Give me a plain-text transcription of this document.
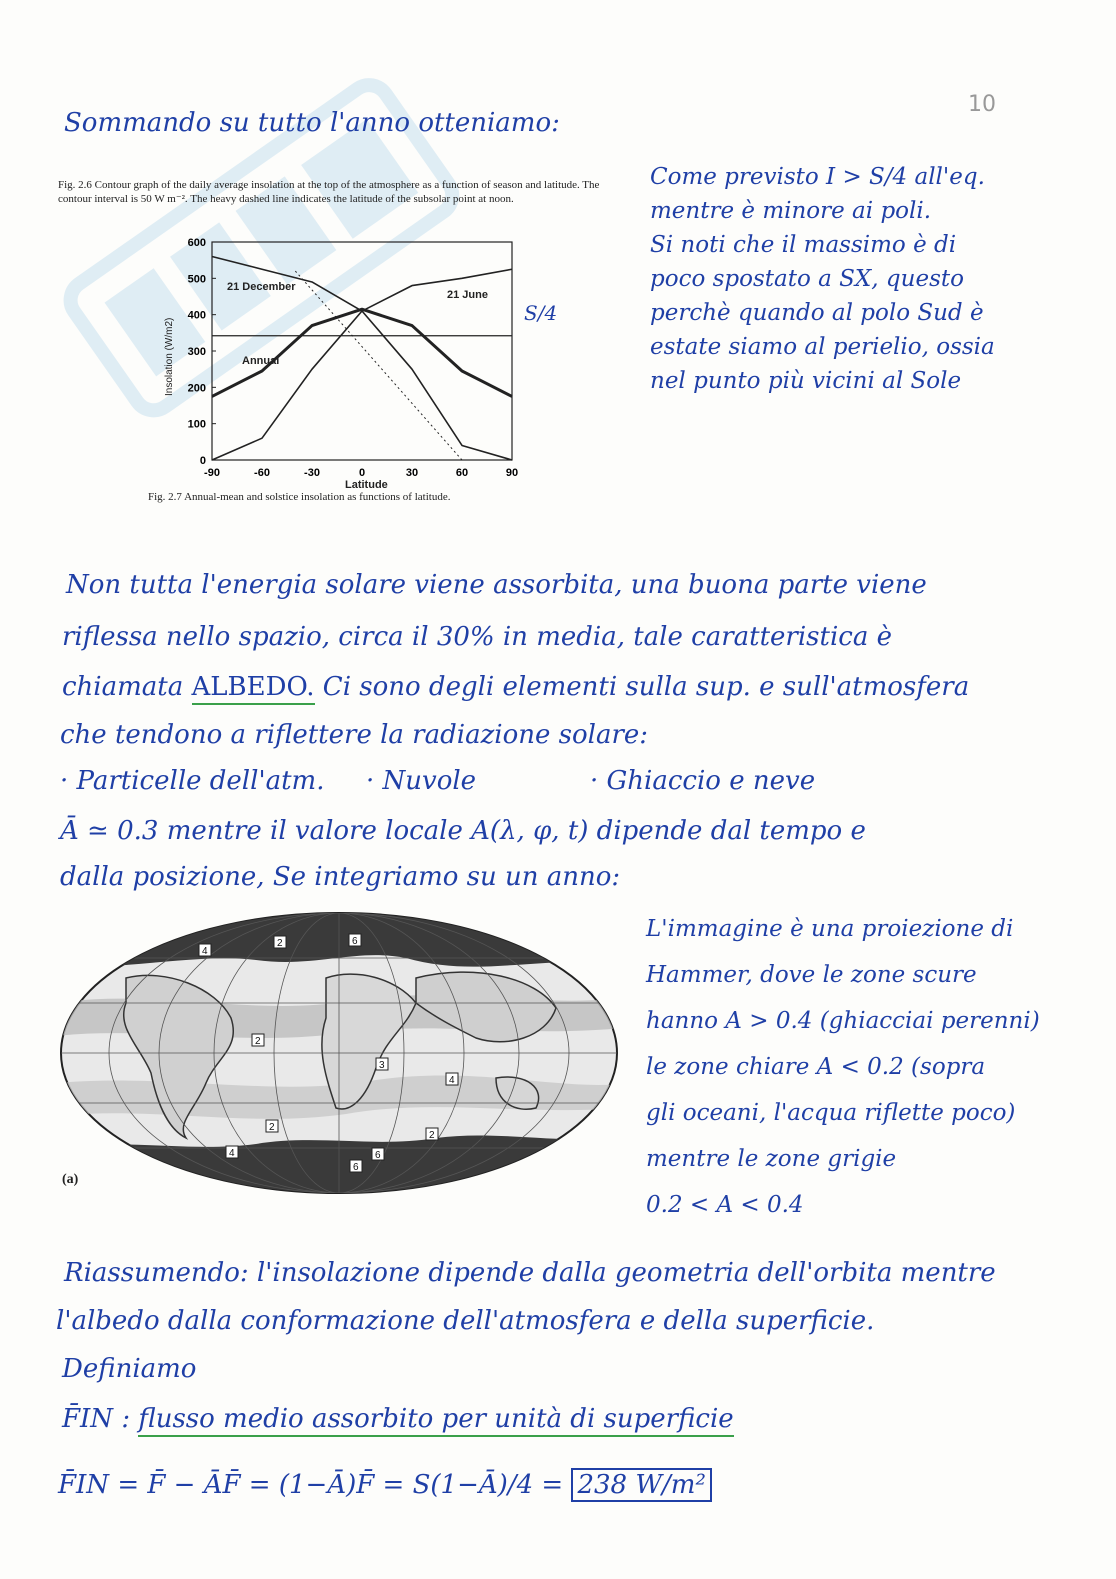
10
Sommando su tutto l'anno otteniamo:
Fig. 2.6 Contour graph of the daily average insolation at the top of the atmosphere as a function of season and latitude. The contour interval is 50 W m⁻². The heavy dashed line indicates the latitude of the subsolar point at noon.
0
100
200
300
400
500
600
-90	-60	-30	0	30	60	90
21 December
21 June
Annual
Insolation (W/m2)
Latitude
S/4
Fig. 2.7 Annual-mean and solstice insolation as functions of latitude.
Come previsto I > S/4 all'eq.
mentre è minore ai poli.
Si noti che il massimo è di
poco spostato a SX, questo
perchè quando al polo Sud è
estate siamo al perielio, ossia
nel punto più vicini al Sole
Non tutta l'energia solare viene assorbita, una buona parte viene
riflessa nello spazio, circa il 30% in media, tale caratteristica è
chiamata ALBEDO. Ci sono degli elementi sulla sup. e sull'atmosfera
che tendono a riflettere la radiazione solare:
· Particelle dell'atm. · Nuvole	· Ghiaccio e neve
Ā ≃ 0.3 mentre il valore locale A(λ, φ, t) dipende dal tempo e
dalla posizione, Se integriamo su un anno:
4
2	6
2
3
4
6
6
2
2
4
(a)
L'immagine è una proiezione di
Hammer, dove le zone scure
hanno A > 0.4 (ghiacciai perenni)
le zone chiare A < 0.2 (sopra
gli oceani, l'acqua riflette poco)
mentre le zone grigie
0.2 < A < 0.4
Riassumendo: l'insolazione dipende dalla geometria dell'orbita mentre
l'albedo dalla conformazione dell'atmosfera e della superficie.
Definiamo
F̄IN : flusso medio assorbito per unità di superficie
F̄IN = F̄ − ĀF̄ = (1−Ā)F̄ = S(1−Ā)/4 = 238 W/m²
